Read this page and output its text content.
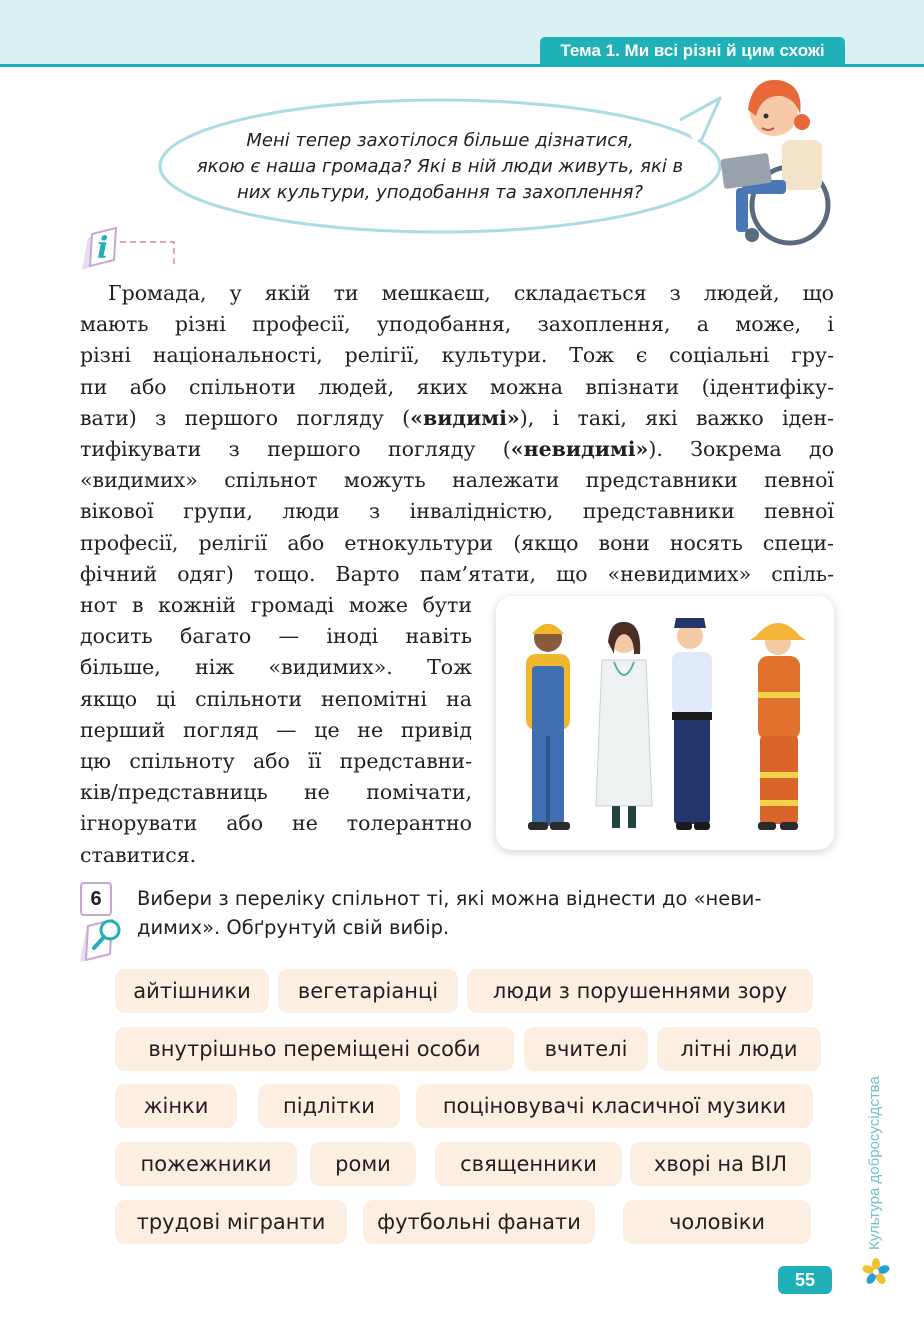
Тема 1. Ми всі різні й цим схожі
Мені тепер захотілося більше дізнатися,
якою є наша громада? Які в ній люди живуть, які в
них культури, уподобання та захоплення?
i

Громада, у якій ти мешкаєш, складається з людей, що

мають різні професії, уподобання, захоплення, а може, і

різні національності, релігії, культури. Тож є соціальні гру-

пи або спільноти людей, яких можна впізнати (ідентифіку-

вати) з першого погляду («видимі»), і такі, які важко іден-

тифікувати з першого погляду («невидимі»). Зокрема до

«видимих» спільнот можуть належати представники певної

вікової групи, люди з інвалідністю, представники певної

професії, релігії або етнокультури (якщо вони носять специ-

фічний одяг) тощо. Варто пам’ятати, що «невидимих» спіль-

нот в кожній громаді може бути

досить багато — іноді навіть

більше, ніж «видимих». Тож

якщо ці спільноти непомітні на

перший погляд — це не привід

цю спільноту або її представни-

ків/представниць не помічати,

ігнорувати або не толерантно

ставитися.

6	Вибери з переліку спільнот ті, які можна віднести до «неви-
димих». Обґрунтуй свій вибір.
айтішники	вегетаріанці	люди з порушеннями зору
внутрішньо переміщені особи	вчителі	літні люди
жінки	підлітки	поціновувачі класичної музики
пожежники	роми	священники	хворі на ВІЛ
трудові мігранти	футбольні фанати	чоловіки	Культура добросусідства
55
